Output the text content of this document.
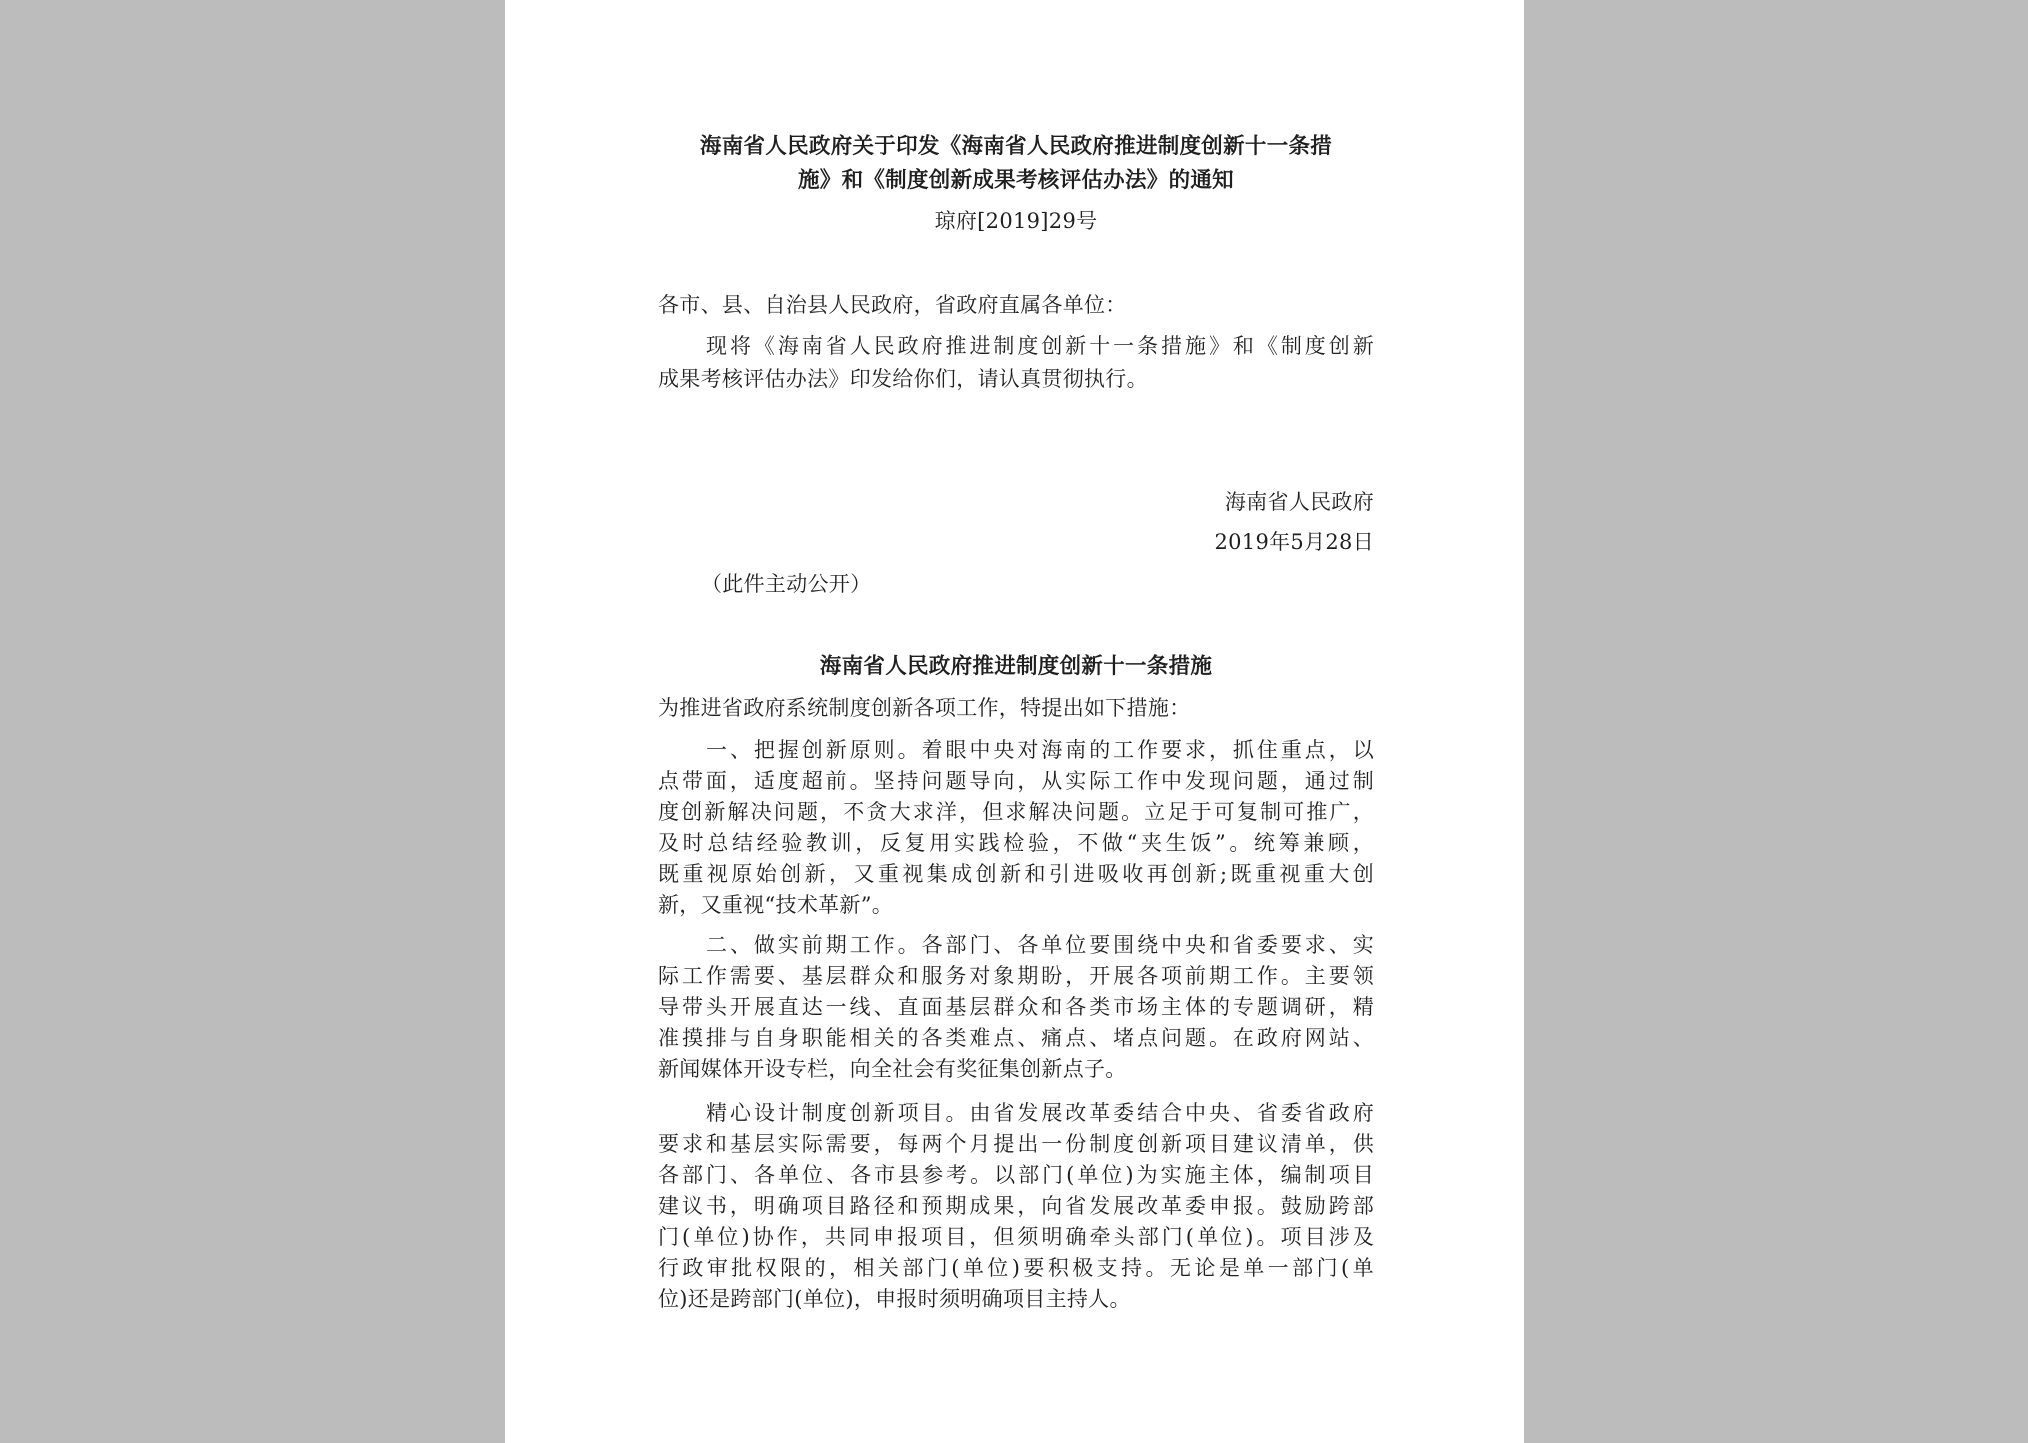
海南省人民政府关于印发《海南省人民政府推进制度创新十一条措
施》和《制度创新成果考核评估办法》的通知
琼府[2019]29号
各市、县、自治县人民政府，省政府直属各单位：
现将《海南省人民政府推进制度创新十一条措施》和《制度创新
成果考核评估办法》印发给你们，请认真贯彻执行。
海南省人民政府
2019年5月28日
（此件主动公开）
海南省人民政府推进制度创新十一条措施
为推进省政府系统制度创新各项工作，特提出如下措施：
一、把握创新原则。着眼中央对海南的工作要求，抓住重点，以
点带面，适度超前。坚持问题导向，从实际工作中发现问题，通过制
度创新解决问题，不贪大求洋，但求解决问题。立足于可复制可推广，
及时总结经验教训，反复用实践检验，不做“夹生饭”。统筹兼顾，
既重视原始创新，又重视集成创新和引进吸收再创新;既重视重大创
新，又重视“技术革新”。
二、做实前期工作。各部门、各单位要围绕中央和省委要求、实
际工作需要、基层群众和服务对象期盼，开展各项前期工作。主要领
导带头开展直达一线、直面基层群众和各类市场主体的专题调研，精
准摸排与自身职能相关的各类难点、痛点、堵点问题。在政府网站、
新闻媒体开设专栏，向全社会有奖征集创新点子。
精心设计制度创新项目。由省发展改革委结合中央、省委省政府
要求和基层实际需要，每两个月提出一份制度创新项目建议清单，供
各部门、各单位、各市县参考。以部门(单位)为实施主体，编制项目
建议书，明确项目路径和预期成果，向省发展改革委申报。鼓励跨部
门(单位)协作，共同申报项目，但须明确牵头部门(单位)。项目涉及
行政审批权限的，相关部门(单位)要积极支持。无论是单一部门(单
位)还是跨部门(单位)，申报时须明确项目主持人。
